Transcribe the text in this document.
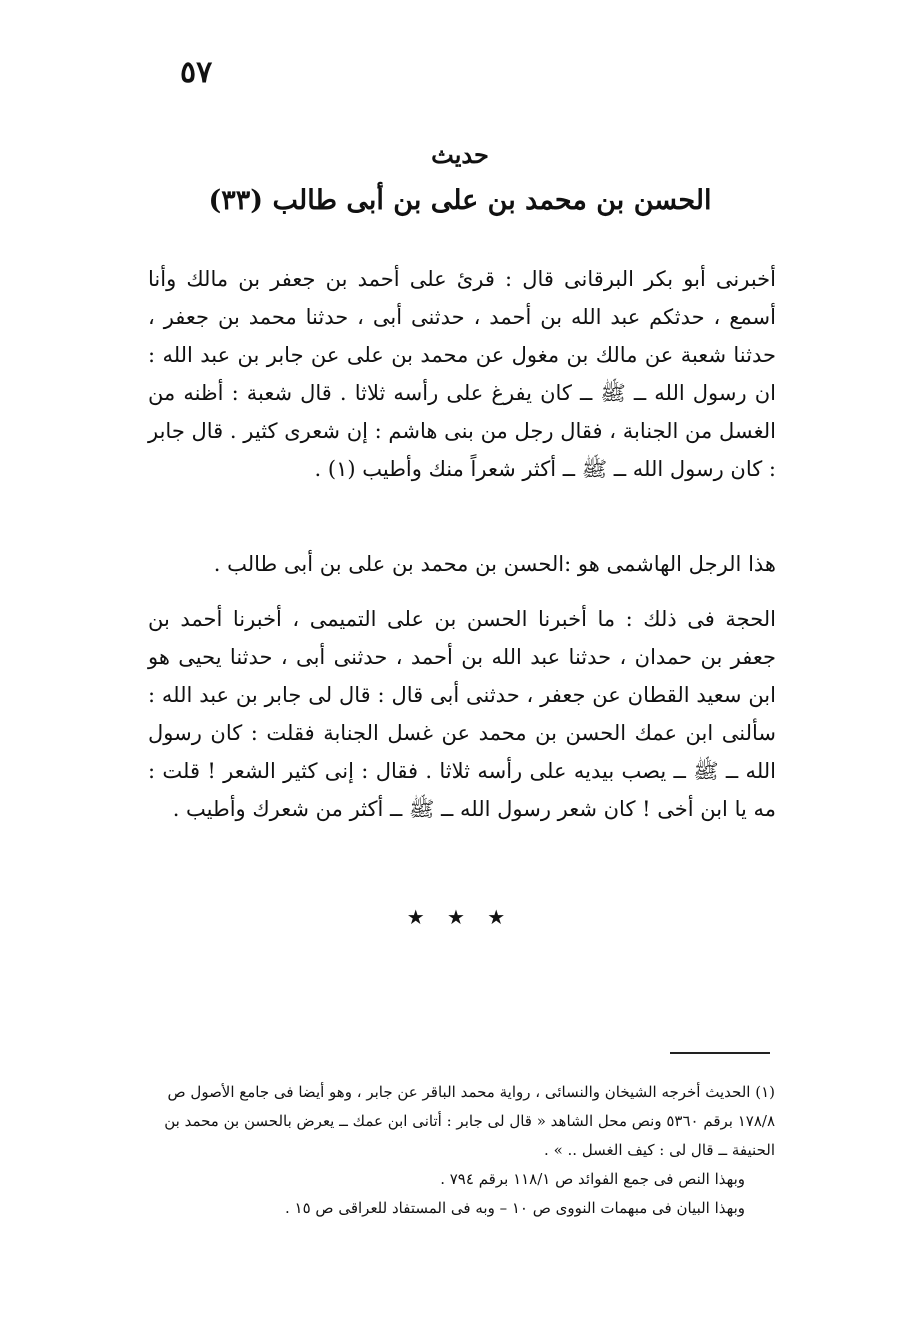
٥٧
حديث
(٣٣) الحسن بن محمد بن على بن أبى طالب

أخبرنى أبو بكر البرقانى قال : قرئ على أحمد بن جعفر بن مالك وأنا أسمع ، حدثكم عبد الله بن أحمد ، حدثنى أبى ، حدثنا محمد بن جعفر ، حدثنا شعبة عن مالك بن مغول عن محمد بن على عن جابر بن عبد الله : ان رسول الله ــ ﷺ ــ كان يفرغ على رأسه ثلاثا . قال شعبة : أظنه من الغسل من الجنابة ، فقال رجل من بنى هاشم : إن شعرى كثير . قال جابر : كان رسول الله ــ ﷺ ــ أكثر شعراً منك وأطيب (١) .

هذا الرجل الهاشمى هو :الحسن بن محمد بن على بن أبى طالب .

الحجة فى ذلك : ما أخبرنا الحسن بن على التميمى ، أخبرنا أحمد بن جعفر بن حمدان ، حدثنا عبد الله بن أحمد ، حدثنى أبى ، حدثنا يحيى هو ابن سعيد القطان عن جعفر ، حدثنى أبى قال : قال لى جابر بن عبد الله : سألنى ابن عمك الحسن بن محمد عن غسل الجنابة فقلت : كان رسول الله ــ ﷺ ــ يصب بيديه على رأسه ثلاثا . فقال : إنى كثير الشعر ! قلت : مه يا ابن أخى ! كان شعر رسول الله ــ ﷺ ــ أكثر من شعرك وأطيب .

★ ★ ★
(١) الحديث أخرجه الشيخان والنسائى ، رواية محمد الباقر عن جابر ، وهو أيضا فى جامع الأصول ص ١٧٨/٨ برقم ٥٣٦٠ ونص محل الشاهد « قال لى جابر : أتانى ابن عمك ــ يعرض بالحسن بن محمد بن الحنيفة ــ قال لى : كيف الغسل .. » .
وبهذا النص فى جمع الفوائد ص ١١٨/١ برقم ٧٩٤ .
وبهذا البيان فى مبهمات النووى ص ١٠ – وبه فى المستفاد للعراقى ص ١٥ .
